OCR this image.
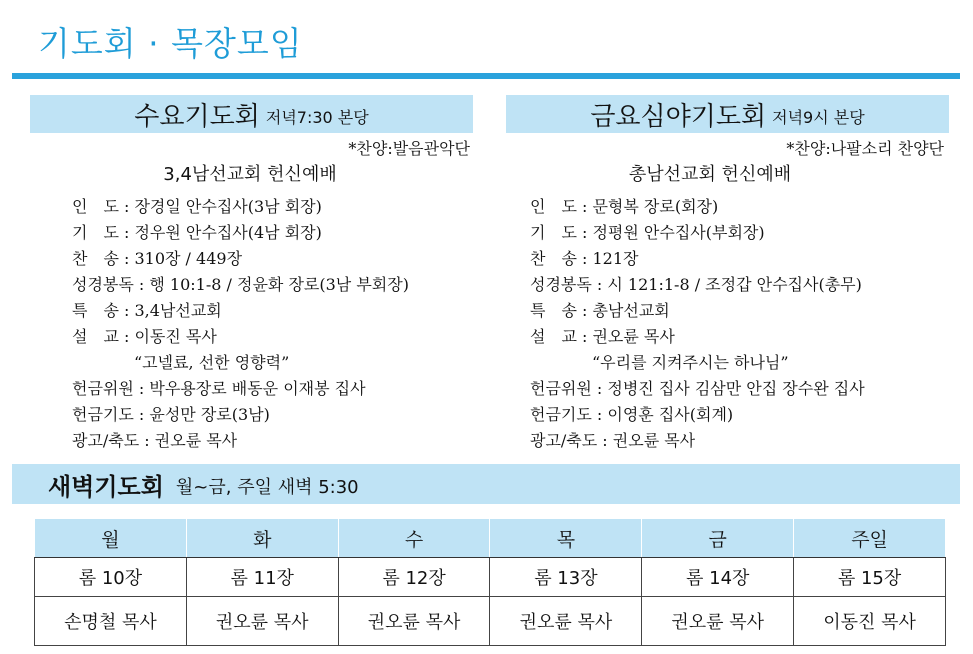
기도회 · 목장모임
수요기도회 저녁7:30 본당
*찬양:발음관악단
3,4남선교회 헌신예배
인　도 : 장경일 안수집사(3남 회장)
기　도 : 정우원 안수집사(4남 회장)
찬　송 : 310장 / 449장
성경봉독 : 행 10:1-8 / 정윤화 장로(3남 부회장)
특　송 : 3,4남선교회
설　교 : 이동진 목사
“고넬료, 선한 영향력”
헌금위원 : 박우용장로 배동운 이재봉 집사
헌금기도 : 윤성만 장로(3남)
광고/축도 : 권오륜 목사
금요심야기도회 저녁9시 본당
*찬양:나팔소리 찬양단
총남선교회 헌신예배
인　도 : 문형복 장로(회장)
기　도 : 정평원 안수집사(부회장)
찬　송 : 121장
성경봉독 : 시 121:1-8 / 조정갑 안수집사(총무)
특　송 : 총남선교회
설　교 : 권오륜 목사
“우리를 지켜주시는 하나님”
헌금위원 : 정병진 집사 김삼만 안집 장수완 집사
헌금기도 : 이영훈 집사(회계)
광고/축도 : 권오륜 목사
새벽기도회 월~금, 주일 새벽 5:30
월	화	수	목	금	주일
롬 10장	롬 11장	롬 12장	롬 13장	롬 14장	롬 15장
손명철 목사	권오륜 목사	권오륜 목사	권오륜 목사	권오륜 목사	이동진 목사
